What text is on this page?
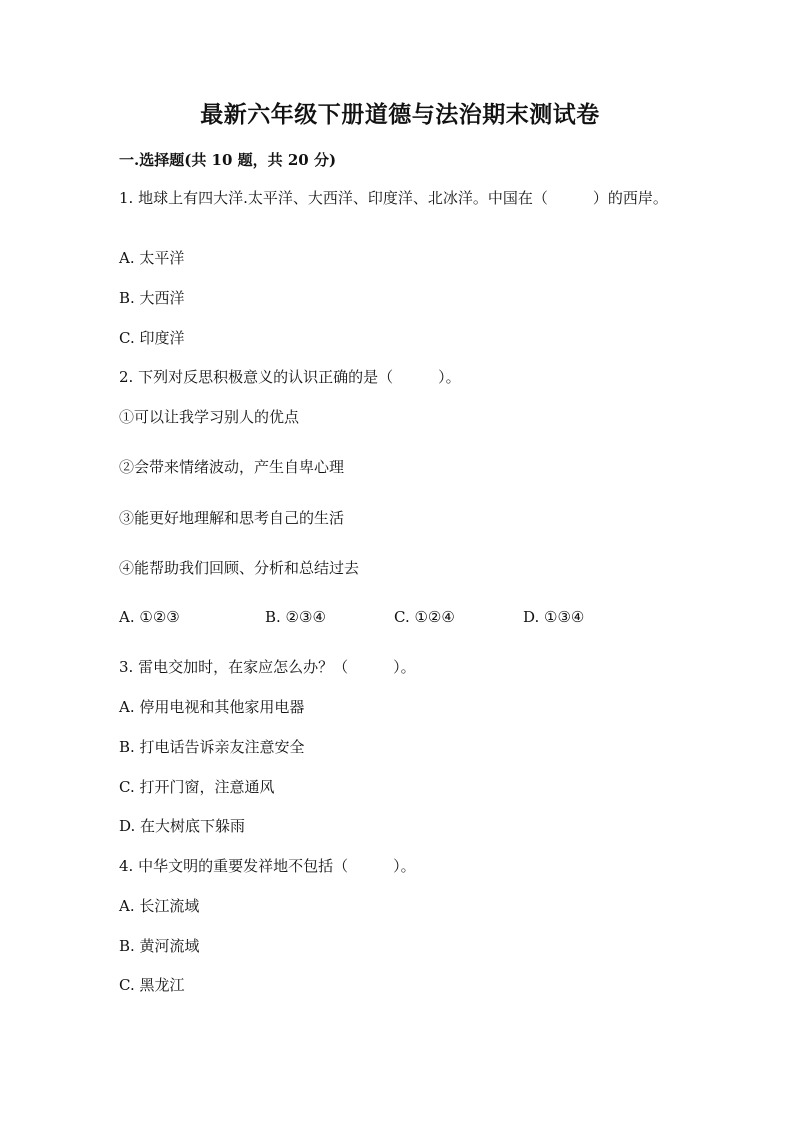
最新六年级下册道德与法治期末测试卷
一.选择题(共 10 题，共 20 分)
1. 地球上有四大洋.太平洋、大西洋、印度洋、北冰洋。中国在（　　　）的西岸。
A. 太平洋
B. 大西洋
C. 印度洋
2. 下列对反思积极意义的认识正确的是（　　　）。
①可以让我学习别人的优点
②会带来情绪波动，产生自卑心理
③能更好地理解和思考自己的生活
④能帮助我们回顾、分析和总结过去
A. ①②③	B. ②③④	C. ①②④	D. ①③④
3. 雷电交加时，在家应怎么办？（　　　）。
A. 停用电视和其他家用电器
B. 打电话告诉亲友注意安全
C. 打开门窗，注意通风
D. 在大树底下躲雨
4. 中华文明的重要发祥地不包括（　　　）。
A. 长江流域
B. 黄河流域
C. 黑龙江
